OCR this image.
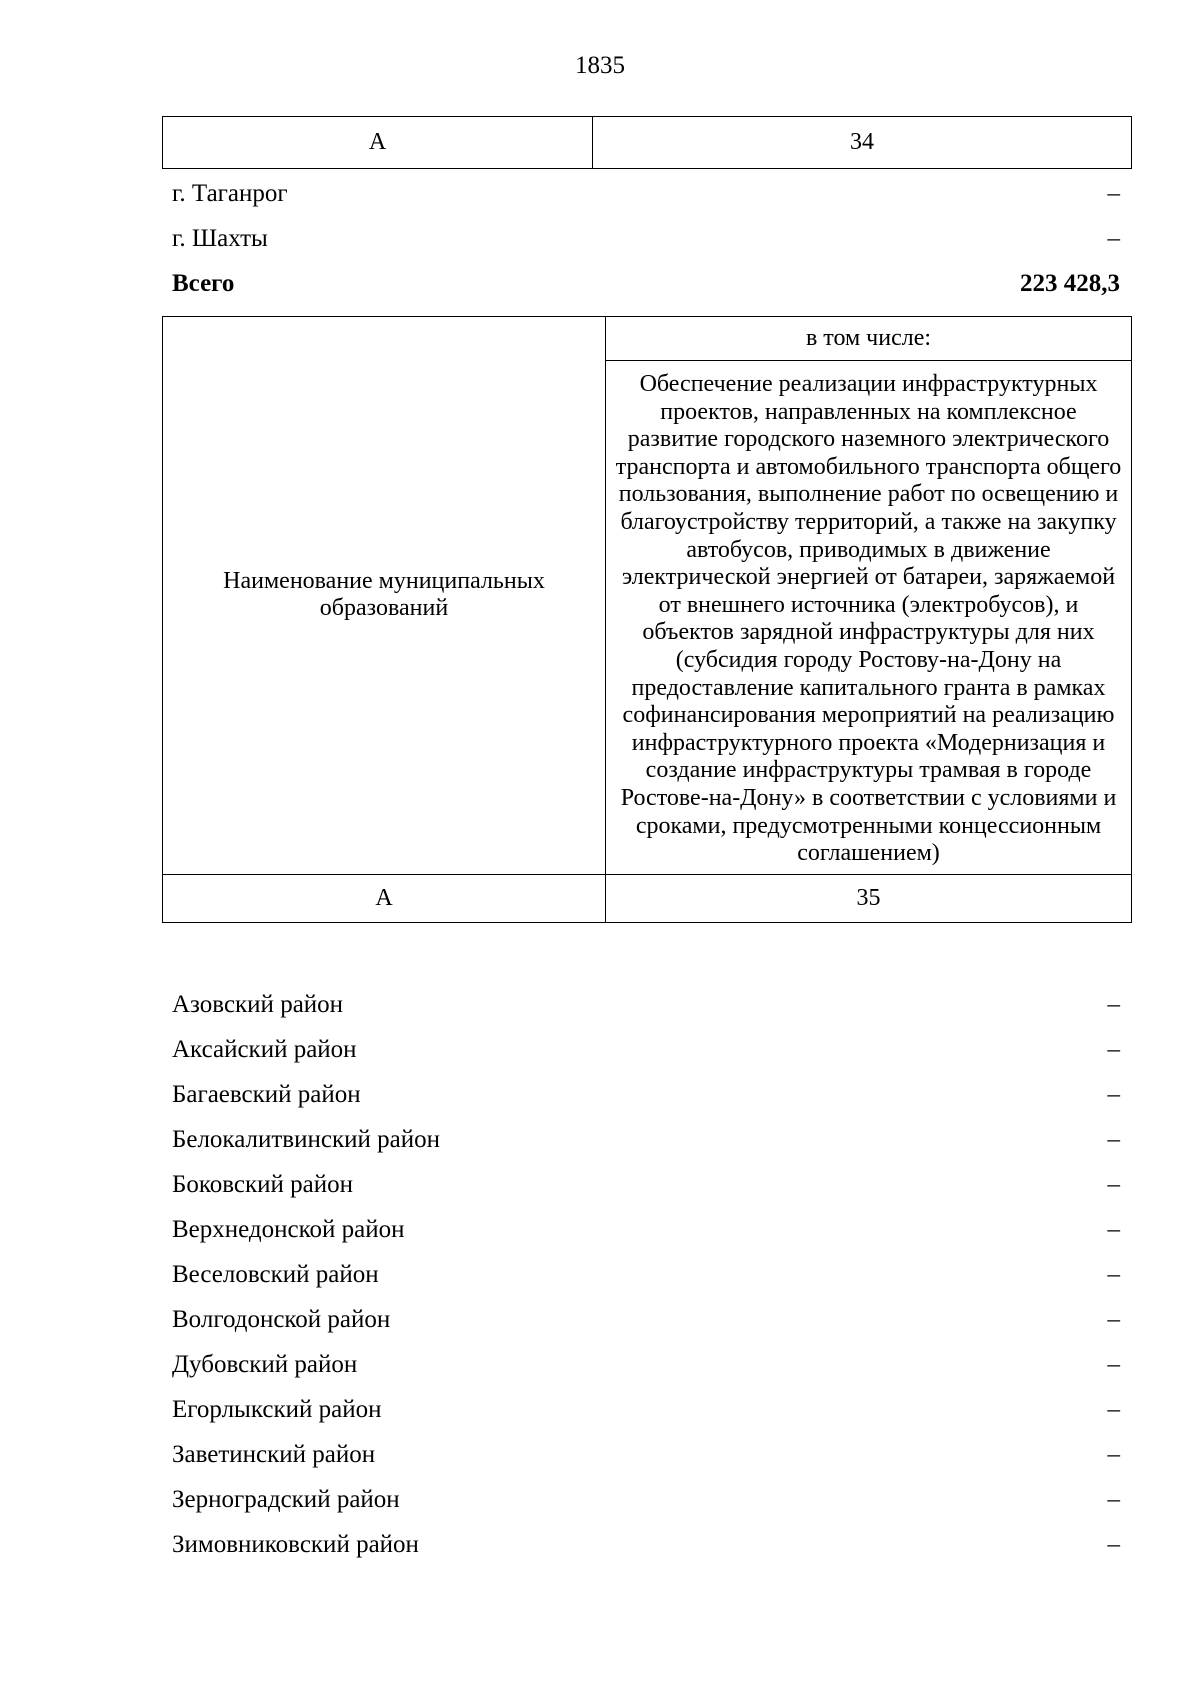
1835
А	34
г. Таганрог	–
г. Шахты	–
Всего	223 428,3
Наименование муниципальных образований	в том числе:
	Обеспечение реализации инфраструктурных проектов, направленных на комплексное развитие городского наземного электрического транспорта и автомобильного транспорта общего пользования, выполнение работ по освещению и благоустройству территорий, а также на закупку автобусов, приводимых в движение электрической энергией от батареи, заряжаемой от внешнего источника (электробусов), и объектов зарядной инфраструктуры для них (субсидия городу Ростову-на-Дону на предоставление капитального гранта в рамках софинансирования мероприятий на реализацию инфраструктурного проекта «Модернизация и создание инфраструктуры трамвая в городе Ростове-на-Дону» в соответствии с условиями и сроками, предусмотренными концессионным соглашением)
А	35
Азовский район	–
Аксайский район	–
Багаевский район	–
Белокалитвинский район	–
Боковский район	–
Верхнедонской район	–
Веселовский район	–
Волгодонской район	–
Дубовский район	–
Егорлыкский район	–
Заветинский район	–
Зерноградский район	–
Зимовниковский район	–
